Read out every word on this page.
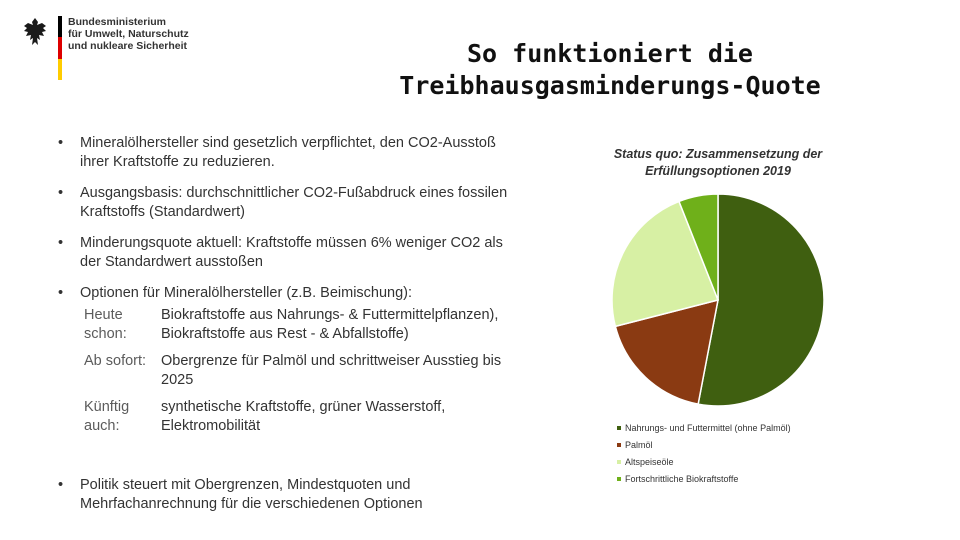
Bundesministerium
für Umwelt, Naturschutz
und nukleare Sicherheit	So funktioniert die
Treibhausgasminderungs-Quote
• Mineralölhersteller sind gesetzlich verpflichtet, den CO2-Ausstoß ihrer Kraftstoffe zu reduzieren.
• Ausgangsbasis: durchschnittlicher CO2-Fußabdruck eines fossilen Kraftstoffs (Standardwert)
• Minderungsquote aktuell: Kraftstoffe müssen 6% weniger CO2 als der Standardwert ausstoßen
• Optionen für Mineralölhersteller (z.B. Beimischung):
Heute schon:
Biokraftstoffe aus Nahrungs- & Futtermittelpflanzen), Biokraftstoffe aus Rest - & Abfallstoffe)
Ab sofort:	Obergrenze für Palmöl und schrittweiser Ausstieg bis 2025
Künftig auch:
synthetische Kraftstoffe, grüner Wasserstoff, Elektromobilität
• Politik steuert mit Obergrenzen, Mindestquoten und Mehrfachanrechnung für die verschiedenen Optionen
Status quo: Zusammensetzung der Erfüllungsoptionen 2019
Nahrungs- und Futtermittel (ohne Palmöl)
Palmöl
Altspeiseöle
Fortschrittliche Biokraftstoffe
